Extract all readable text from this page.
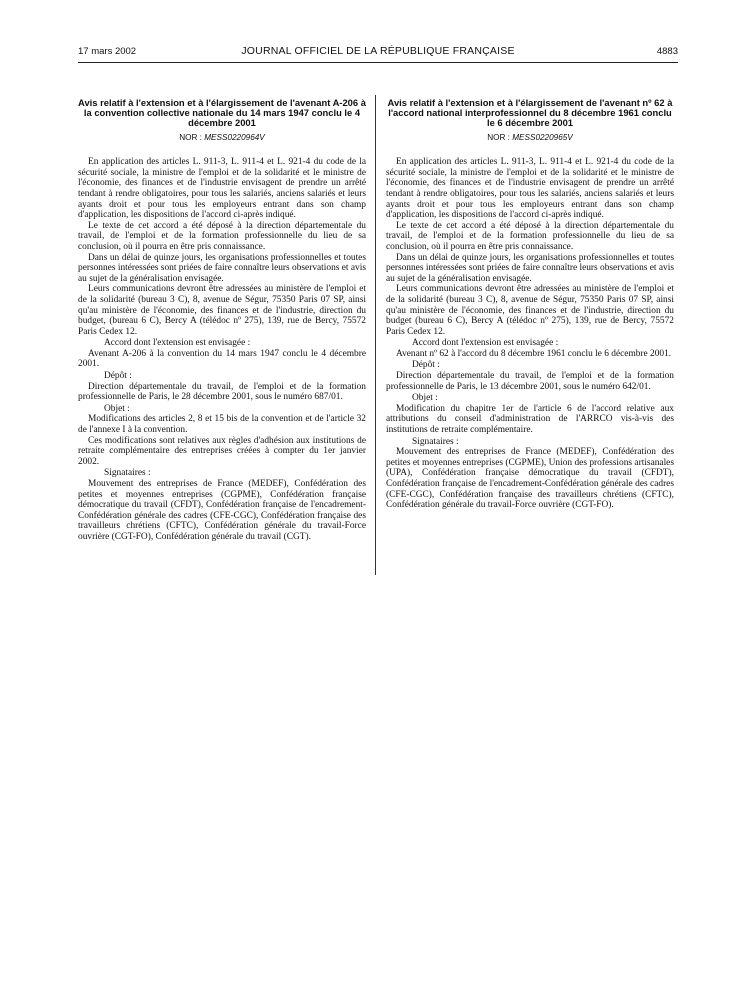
17 mars 2002	JOURNAL OFFICIEL DE LA RÉPUBLIQUE FRANÇAISE	4883
Avis relatif à l'extension et à l'élargissement de l'avenant A-206 à la convention collective nationale du 14 mars 1947 conclu le 4 décembre 2001
NOR : MESS0220964V

En application des articles L. 911-3, L. 911-4 et L. 921-4 du code de la sécurité sociale, la ministre de l'emploi et de la solidarité et le ministre de l'économie, des finances et de l'industrie envisagent de prendre un arrêté tendant à rendre obligatoires, pour tous les salariés, anciens salariés et leurs ayants droit et pour tous les employeurs entrant dans son champ d'application, les dispositions de l'accord ci-après indiqué.

Le texte de cet accord a été déposé à la direction départementale du travail, de l'emploi et de la formation professionnelle du lieu de sa conclusion, où il pourra en être pris connaissance.

Dans un délai de quinze jours, les organisations professionnelles et toutes personnes intéressées sont priées de faire connaître leurs observations et avis au sujet de la généralisation envisagée.

Leurs communications devront être adressées au ministère de l'emploi et de la solidarité (bureau 3 C), 8, avenue de Ségur, 75350 Paris 07 SP, ainsi qu'au ministère de l'économie, des finances et de l'industrie, direction du budget, (bureau 6 C), Bercy A (télédoc nº 275), 139, rue de Bercy, 75572 Paris Cedex 12.

Accord dont l'extension est envisagée :

Avenant A-206 à la convention du 14 mars 1947 conclu le 4 décembre 2001.

Dépôt :

Direction départementale du travail, de l'emploi et de la formation professionnelle de Paris, le 28 décembre 2001, sous le numéro 687/01.

Objet :

Modifications des articles 2, 8 et 15 bis de la convention et de l'article 32 de l'annexe I à la convention.

Ces modifications sont relatives aux règles d'adhésion aux institutions de retraite complémentaire des entreprises créées à compter du 1er janvier 2002.

Signataires :

Mouvement des entreprises de France (MEDEF), Confédération des petites et moyennes entreprises (CGPME), Confédération française démocratique du travail (CFDT), Confédération française de l'encadrement-Confédération générale des cadres (CFE-CGC), Confédération française des travailleurs chrétiens (CFTC), Confédération générale du travail-Force ouvrière (CGT-FO), Confédération générale du travail (CGT).

Avis relatif à l'extension et à l'élargissement de l'avenant nº 62 à l'accord national interprofessionnel du 8 décembre 1961 conclu le 6 décembre 2001
NOR : MESS0220965V

En application des articles L. 911-3, L. 911-4 et L. 921-4 du code de la sécurité sociale, la ministre de l'emploi et de la solidarité et le ministre de l'économie, des finances et de l'industrie envisagent de prendre un arrêté tendant à rendre obligatoires, pour tous les salariés, anciens salariés et leurs ayants droit et pour tous les employeurs entrant dans son champ d'application, les dispositions de l'accord ci-après indiqué.

Le texte de cet accord a été déposé à la direction départementale du travail, de l'emploi et de la formation professionnelle du lieu de sa conclusion, où il pourra en être pris connaissance.

Dans un délai de quinze jours, les organisations professionnelles et toutes personnes intéressées sont priées de faire connaître leurs observations et avis au sujet de la généralisation envisagée.

Leurs communications devront être adressées au ministère de l'emploi et de la solidarité (bureau 3 C), 8, avenue de Ségur, 75350 Paris 07 SP, ainsi qu'au ministère de l'économie, des finances et de l'industrie, direction du budget (bureau 6 C), Bercy A (télédoc nº 275), 139, rue de Bercy, 75572 Paris Cedex 12.

Accord dont l'extension est envisagée :

Avenant nº 62 à l'accord du 8 décembre 1961 conclu le 6 décembre 2001.

Dépôt :

Direction départementale du travail, de l'emploi et de la formation professionnelle de Paris, le 13 décembre 2001, sous le numéro 642/01.

Objet :

Modification du chapitre 1er de l'article 6 de l'accord relative aux attributions du conseil d'administration de l'ARRCO vis-à-vis des institutions de retraite complémentaire.

Signataires :

Mouvement des entreprises de France (MEDEF), Confédération des petites et moyennes entreprises (CGPME), Union des professions artisanales (UPA), Confédération française démocratique du travail (CFDT), Confédération française de l'encadrement-Confédération générale des cadres (CFE-CGC), Confédération française des travailleurs chrétiens (CFTC), Confédération générale du travail-Force ouvrière (CGT-FO).
